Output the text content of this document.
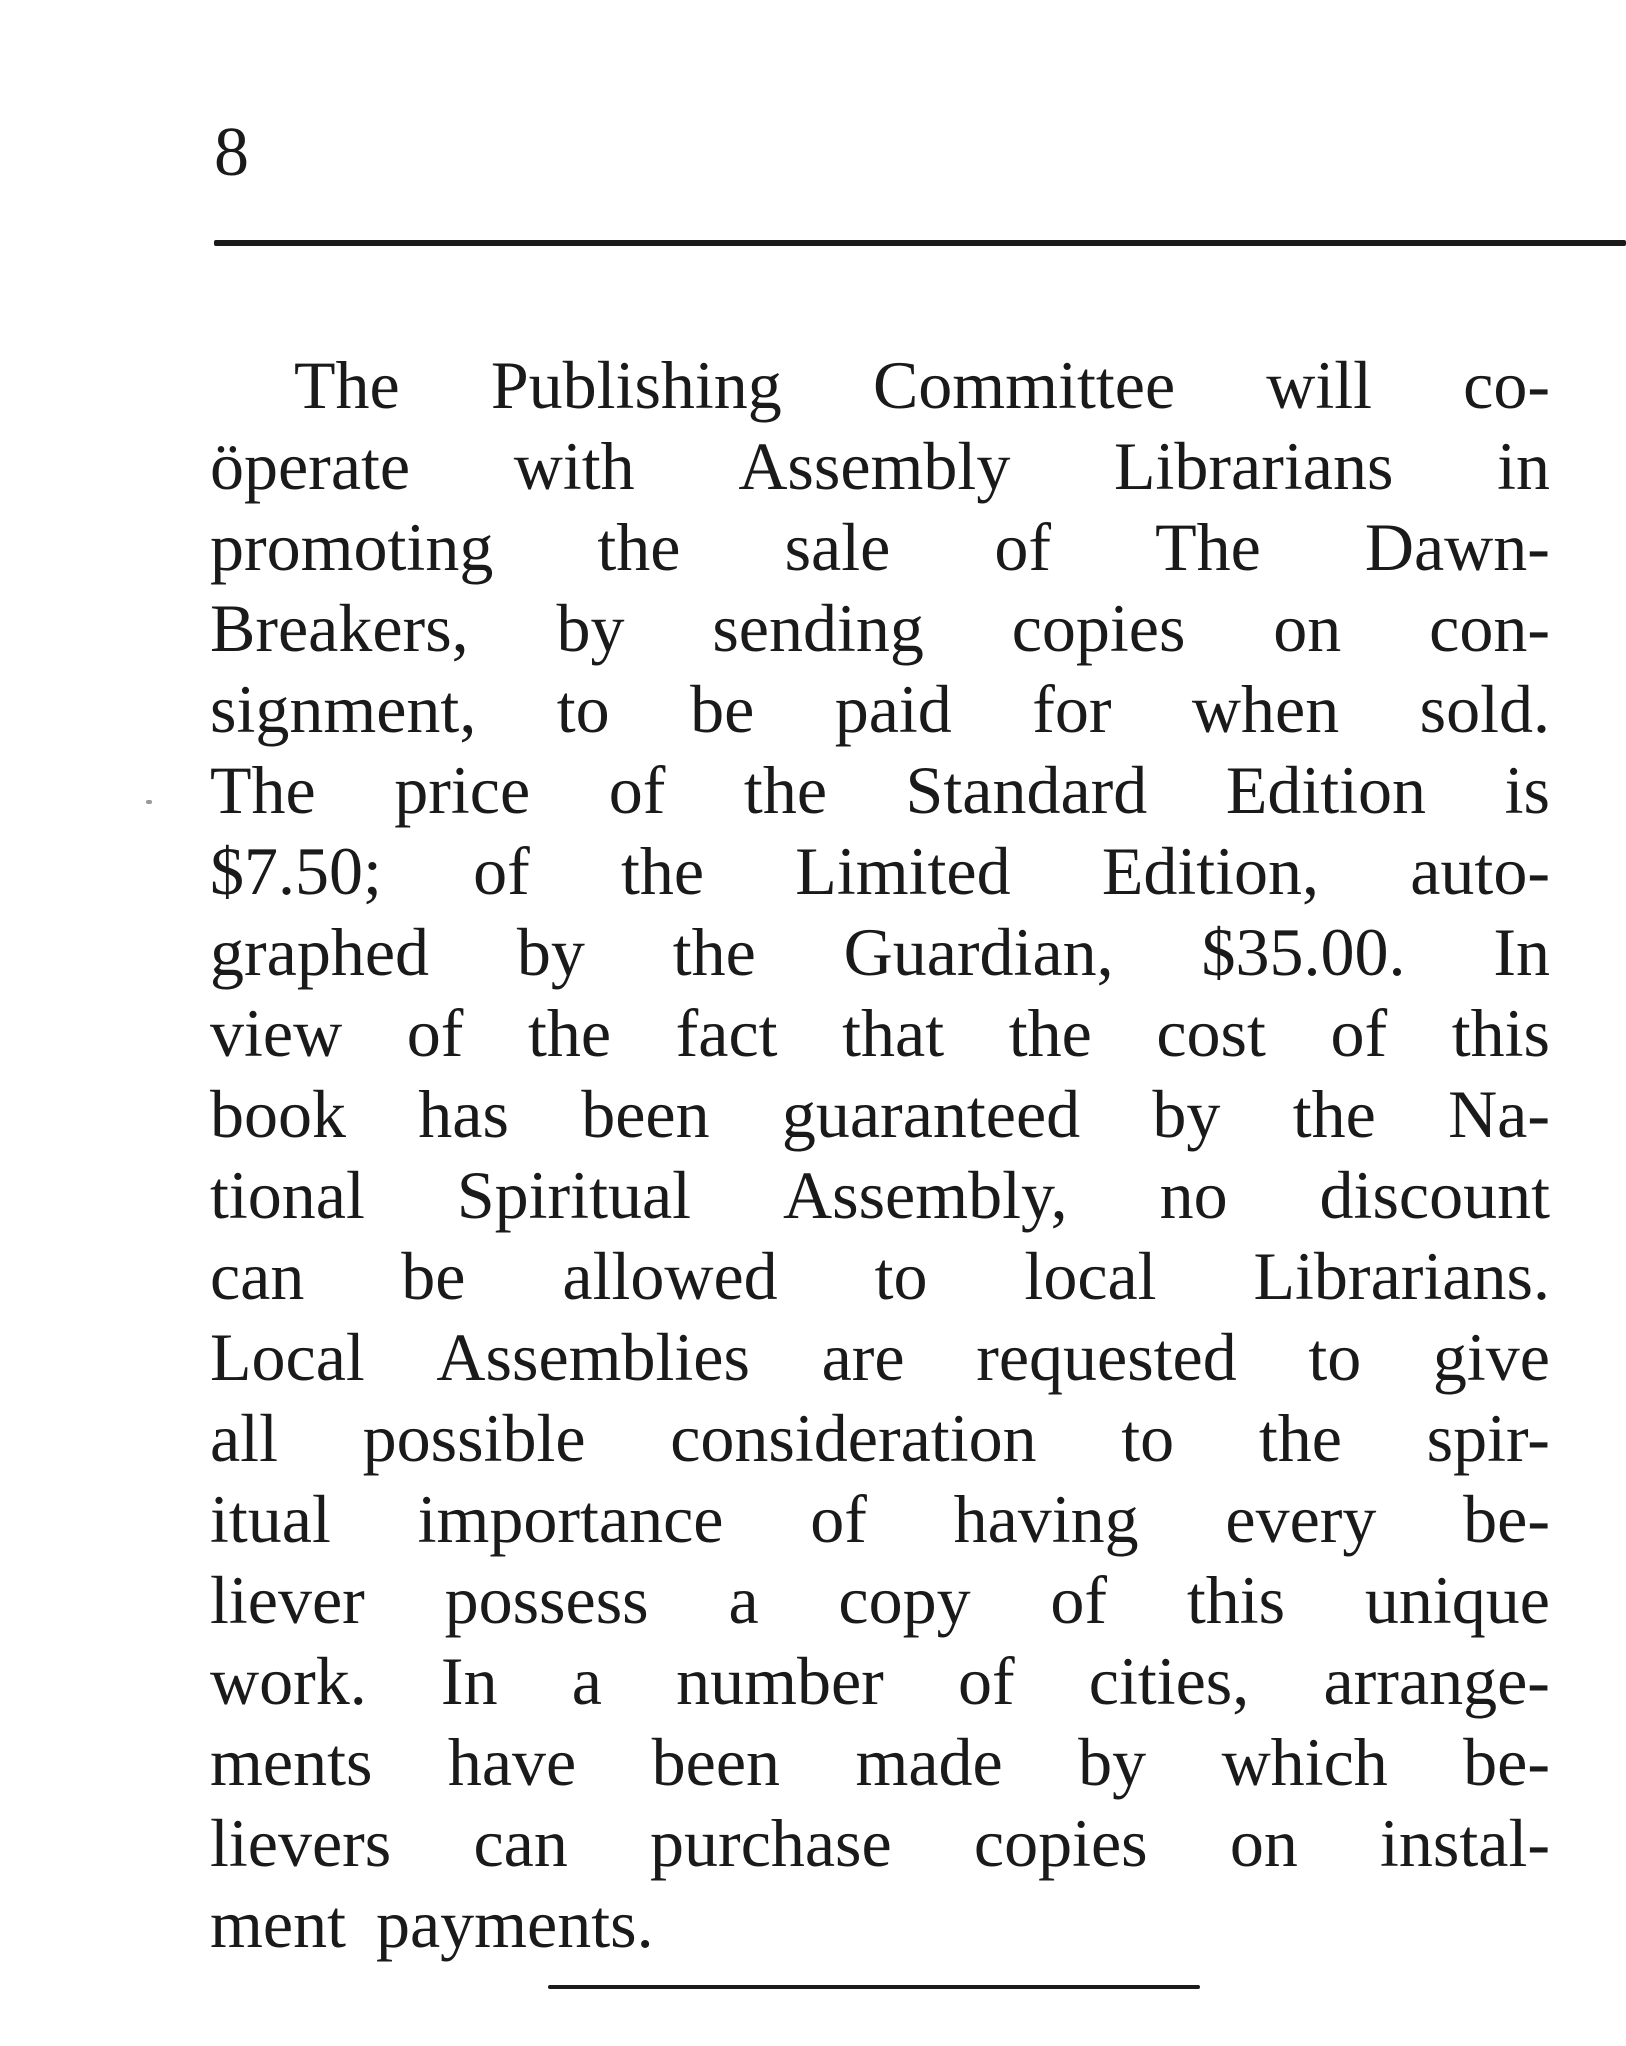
8
The Publishing Committee will co-
öperate with Assembly Librarians in
promoting the sale of The Dawn-
Breakers, by sending copies on con-
signment, to be paid for when sold.
The price of the Standard Edition is
$7.50; of the Limited Edition, auto-
graphed by the Guardian, $35.00. In
view of the fact that the cost of this
book has been guaranteed by the Na-
tional Spiritual Assembly, no discount
can be allowed to local Librarians.
Local Assemblies are requested to give
all possible consideration to the spir-
itual importance of having every be-
liever possess a copy of this unique
work. In a number of cities, arrange-
ments have been made by which be-
lievers can purchase copies on instal-
ment payments.
